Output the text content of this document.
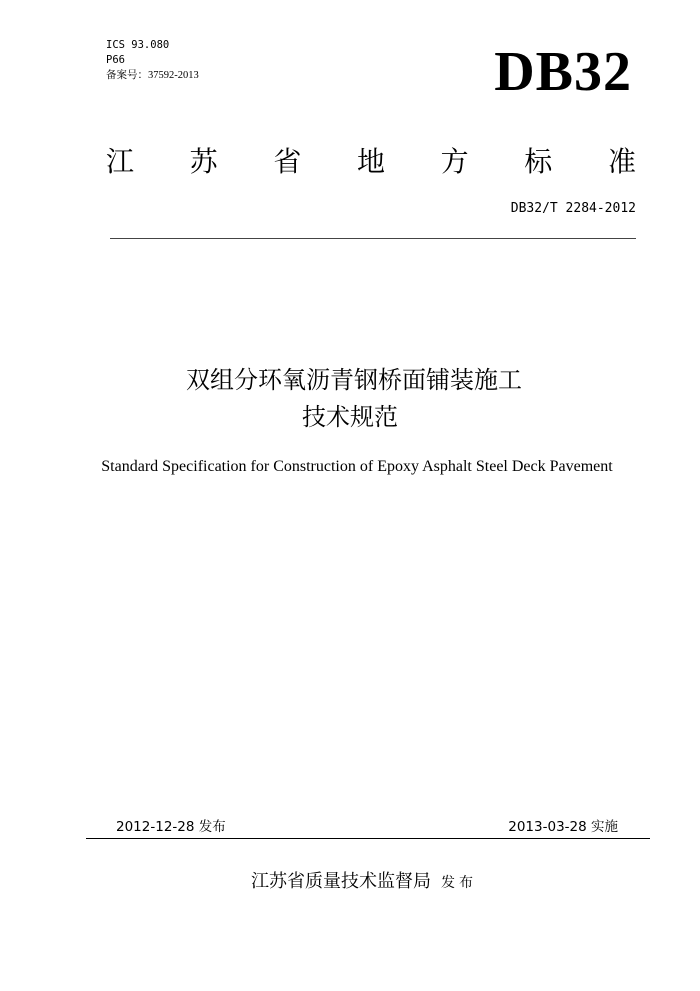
ICS 93.080
P66
备案号：37592-2013	DB32
江 苏 省 地 方 标 准
DB32/T 2284-2012
双组分环氧沥青钢桥面铺装施工
技术规范
Standard Specification for Construction of Epoxy Asphalt Steel Deck Pavement
2012-12-28 发布	2013-03-28 实施
江苏省质量技术监督局 发布
